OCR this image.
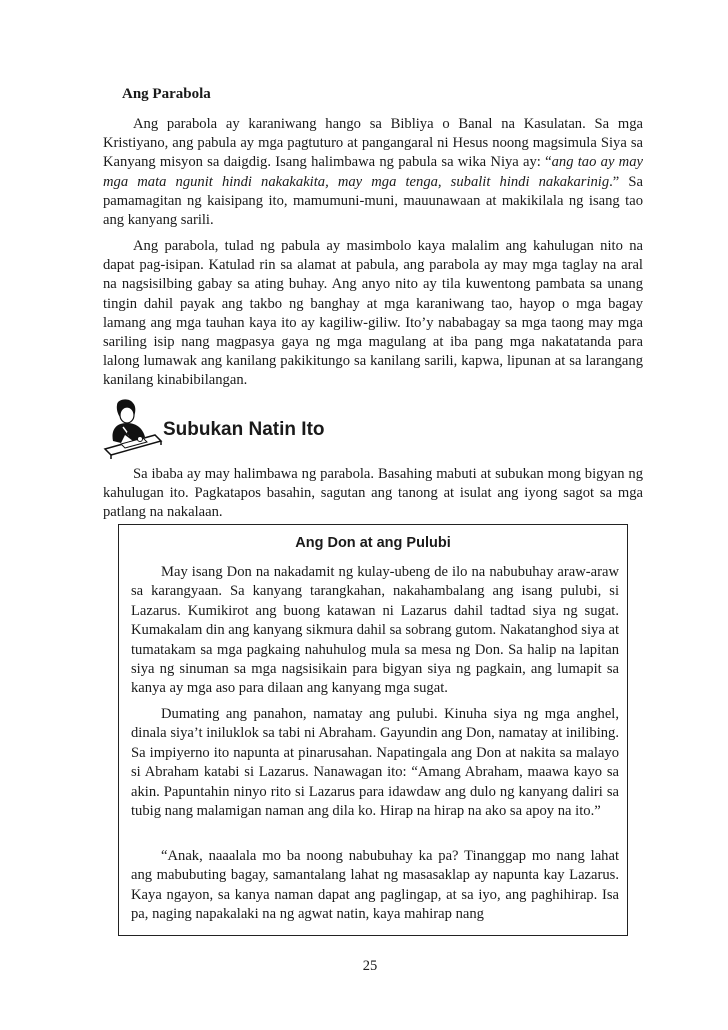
Ang Parabola

Ang parabola ay karaniwang hango sa Bibliya o Banal na Kasulatan. Sa mga Kristiyano, ang pabula ay mga pagtuturo at pangangaral ni Hesus noong magsimula Siya sa Kanyang misyon sa daigdig. Isang halimbawa ng pabula sa wika Niya ay: “ang tao ay may mga mata ngunit hindi nakakakita, may mga tenga, subalit hindi nakakarinig.” Sa pamamagitan ng kaisipang ito, mamumuni-muni, mauunawaan at makikilala ng isang tao ang kanyang sarili.

Ang parabola, tulad ng pabula ay masimbolo kaya malalim ang kahulugan nito na dapat pag-isipan. Katulad rin sa alamat at pabula, ang parabola ay may mga taglay na aral na nagsisilbing gabay sa ating buhay. Ang anyo nito ay tila kuwentong pambata sa unang tingin dahil payak ang takbo ng banghay at mga karaniwang tao, hayop o mga bagay lamang ang mga tauhan kaya ito ay kagiliw-giliw. Ito’y nababagay sa mga taong may mga sariling isip nang magpasya gaya ng mga magulang at iba pang mga nakatatanda para lalong lumawak ang kanilang pakikitungo sa kanilang sarili, kapwa, lipunan at sa larangang kanilang kinabibilangan.

Subukan Natin Ito

Sa ibaba ay may halimbawa ng parabola. Basahing mabuti at subukan mong bigyan ng kahulugan ito. Pagkatapos basahin, sagutan ang tanong at isulat ang iyong sagot sa mga patlang na nakalaan.

Ang Don at ang Pulubi

May isang Don na nakadamit ng kulay-ubeng de ilo na nabubuhay araw-araw sa karangyaan. Sa kanyang tarangkahan, nakahambalang ang isang pulubi, si Lazarus. Kumikirot ang buong katawan ni Lazarus dahil tadtad siya ng sugat. Kumakalam din ang kanyang sikmura dahil sa sobrang gutom. Nakatanghod siya at tumatakam sa mga pagkaing nahuhulog mula sa mesa ng Don. Sa halip na lapitan siya ng sinuman sa mga nagsisikain para bigyan siya ng pagkain, ang lumapit sa kanya ay mga aso para dilaan ang kanyang mga sugat.

Dumating ang panahon, namatay ang pulubi. Kinuha siya ng mga anghel, dinala siya’t iniluklok sa tabi ni Abraham. Gayundin ang Don, namatay at inilibing. Sa impiyerno ito napunta at pinarusahan. Napatingala ang Don at nakita sa malayo si Abraham katabi si Lazarus. Nanawagan ito: “Amang Abraham, maawa kayo sa akin. Papuntahin ninyo rito si Lazarus para idawdaw ang dulo ng kanyang daliri sa tubig nang malamigan naman ang dila ko. Hirap na hirap na ako sa apoy na ito.”

“Anak, naaalala mo ba noong nabubuhay ka pa? Tinanggap mo nang lahat ang mabubuting bagay, samantalang lahat ng masasaklap ay napunta kay Lazarus. Kaya ngayon, sa kanya naman dapat ang paglingap, at sa iyo, ang paghihirap. Isa pa, naging napakalaki na ng agwat natin, kaya mahirap nang

25
